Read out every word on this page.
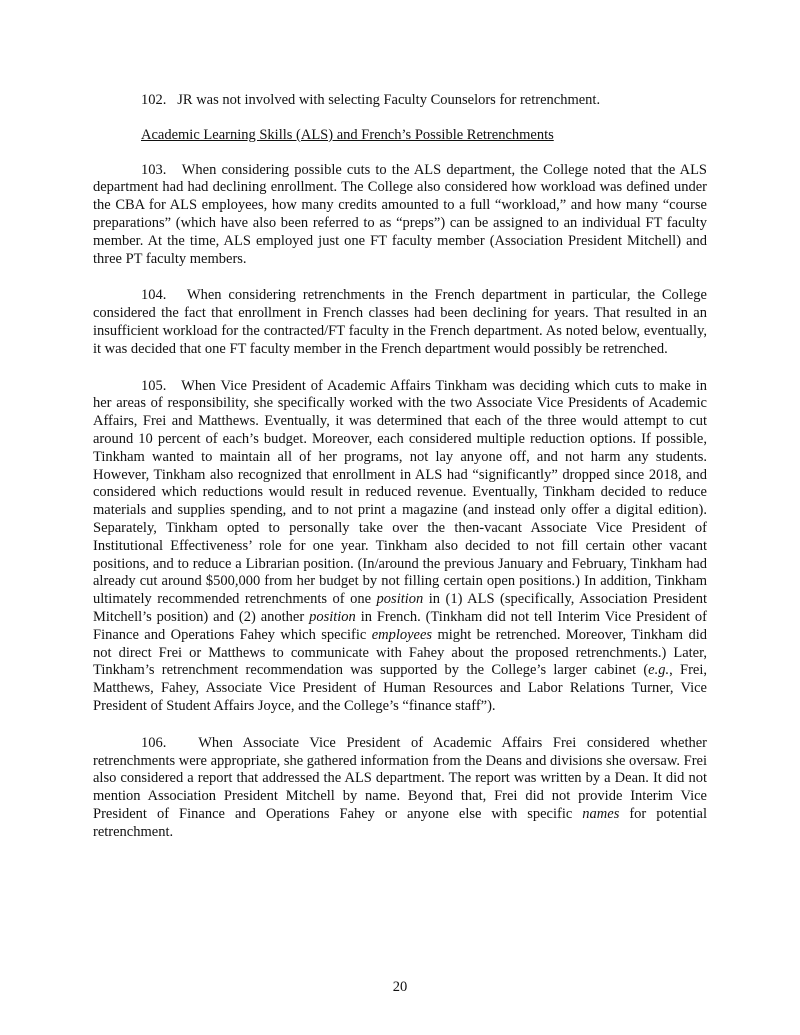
102.   JR was not involved with selecting Faculty Counselors for retrenchment.

Academic Learning Skills (ALS) and French’s Possible Retrenchments

103.   When considering possible cuts to the ALS department, the College noted that the ALS department had had declining enrollment. The College also considered how workload was defined under the CBA for ALS employees, how many credits amounted to a full “workload,” and how many “course preparations” (which have also been referred to as “preps”) can be assigned to an individual FT faculty member. At the time, ALS employed just one FT faculty member (Association President Mitchell) and three PT faculty members.

104.   When considering retrenchments in the French department in particular, the College considered the fact that enrollment in French classes had been declining for years. That resulted in an insufficient workload for the contracted/FT faculty in the French department. As noted below, eventually, it was decided that one FT faculty member in the French department would possibly be retrenched.

105.   When Vice President of Academic Affairs Tinkham was deciding which cuts to make in her areas of responsibility, she specifically worked with the two Associate Vice Presidents of Academic Affairs, Frei and Matthews. Eventually, it was determined that each of the three would attempt to cut around 10 percent of each’s budget. Moreover, each considered multiple reduction options. If possible, Tinkham wanted to maintain all of her programs, not lay anyone off, and not harm any students. However, Tinkham also recognized that enrollment in ALS had “significantly” dropped since 2018, and considered which reductions would result in reduced revenue. Eventually, Tinkham decided to reduce materials and supplies spending, and to not print a magazine (and instead only offer a digital edition). Separately, Tinkham opted to personally take over the then-vacant Associate Vice President of Institutional Effectiveness’ role for one year. Tinkham also decided to not fill certain other vacant positions, and to reduce a Librarian position. (In/around the previous January and February, Tinkham had already cut around $500,000 from her budget by not filling certain open positions.) In addition, Tinkham ultimately recommended retrenchments of one position in (1) ALS (specifically, Association President Mitchell’s position) and (2) another position in French. (Tinkham did not tell Interim Vice President of Finance and Operations Fahey which specific employees might be retrenched. Moreover, Tinkham did not direct Frei or Matthews to communicate with Fahey about the proposed retrenchments.) Later, Tinkham’s retrenchment recommendation was supported by the College’s larger cabinet (e.g., Frei, Matthews, Fahey, Associate Vice President of Human Resources and Labor Relations Turner, Vice President of Student Affairs Joyce, and the College’s “finance staff”).

106.   When Associate Vice President of Academic Affairs Frei considered whether retrenchments were appropriate, she gathered information from the Deans and divisions she oversaw. Frei also considered a report that addressed the ALS department. The report was written by a Dean. It did not mention Association President Mitchell by name. Beyond that, Frei did not provide Interim Vice President of Finance and Operations Fahey or anyone else with specific names for potential retrenchment.

20
